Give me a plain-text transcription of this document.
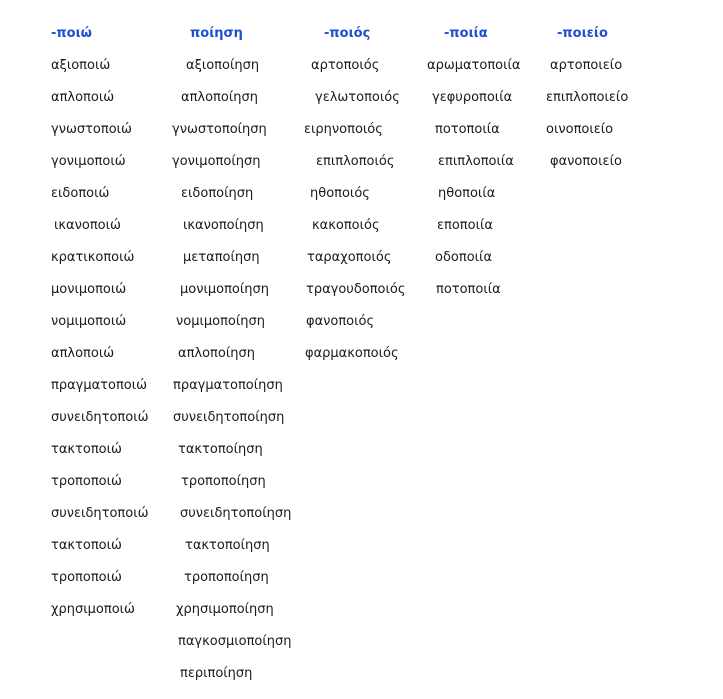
-ποιώ
αξιοποιώ
απλοποιώ
γνωστοποιώ
γονιμοποιώ
ειδοποιώ
ικανοποιώ
κρατικοποιώ
μονιμοποιώ
νομιμοποιώ
απλοποιώ
πραγματοποιώ
συνειδητοποιώ
τακτοποιώ
τροποποιώ
συνειδητοποιώ
τακτοποιώ
τροποποιώ
χρησιμοποιώ
ποίηση
αξιοποίηση
απλοποίηση
γνωστοποίηση
γονιμοποίηση
ειδοποίηση
ικανοποίηση
μεταποίηση
μονιμοποίηση
νομιμοποίηση
απλοποίηση
πραγματοποίηση
συνειδητοποίηση
τακτοποίηση
τροποποίηση
συνειδητοποίηση
τακτοποίηση
τροποποίηση
χρησιμοποίηση
παγκοσμιοποίηση
περιποίηση
-ποιός
αρτοποιός
γελωτοποιός
ειρηνοποιός
επιπλοποιός
ηθοποιός
κακοποιός
ταραχοποιός
τραγουδοποιός
φανοποιός
φαρμακοποιός
-ποιία
αρωματοποιία
γεφυροποιία
ποτοποιία
επιπλοποιία
ηθοποιία
εποποιία
οδοποιία
ποτοποιία
-ποιείο
αρτοποιείο
επιπλοποιείο
οινοποιείο
φανοποιείο
